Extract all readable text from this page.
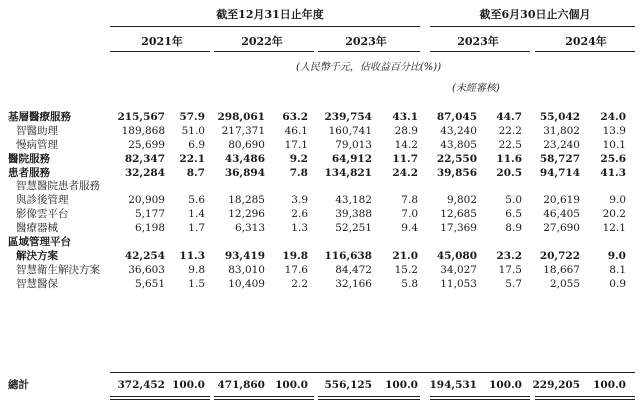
截至12月31日止年度	截至6月30日止六個月
2021年	2022年	2023年	2023年	2024年
(人民幣千元，佔收益百分比(%))
(未經審核)
基層醫療服務	215,567 57.9 298,061 63.2 239,754 43.1 87,045 44.7 55,042 24.0
智醫助理	189,868 51.0 217,371 46.1 160,741 28.9 43,240 22.2 31,802 13.9
慢病管理	25,699 6.9 80,690 17.1	79,013 14.2 43,805 22.5 23,240 10.1
醫院服務	82,347 22.1 43,486 9.2 64,912 11.7 22,550 11.6 58,727 25.6
患者服務	32,284 8.7 36,894 7.8 134,821 24.2 39,856 20.5 94,714 41.3
智慧醫院患者服務
與診後管理	20,909 5.6 18,285	3.9	43,182	7.8	9,802	5.0 20,619	9.0
影像雲平台	5,177 1.4 12,296	2.6	39,388	7.0 12,685	6.5 46,405 20.2
醫療器械	6,198 1.7	6,313	1.3	52,251	9.4 17,369	8.9 27,690 12.1
區域管理平台
解決方案	42,254 11.3 93,419 19.8 116,638 21.0 45,080 23.2 20,722	9.0
智慧衛生解決方案	36,603 9.8 83,010 17.6	84,472 15.2 34,027 17.5 18,667	8.1
智慧醫保	5,651 1.5 10,409	2.2	32,166	5.8 11,053	5.7	2,055	0.9
總計	372,452 100.0 471,860 100.0 556,125 100.0 194,531 100.0 229,205 100.0
